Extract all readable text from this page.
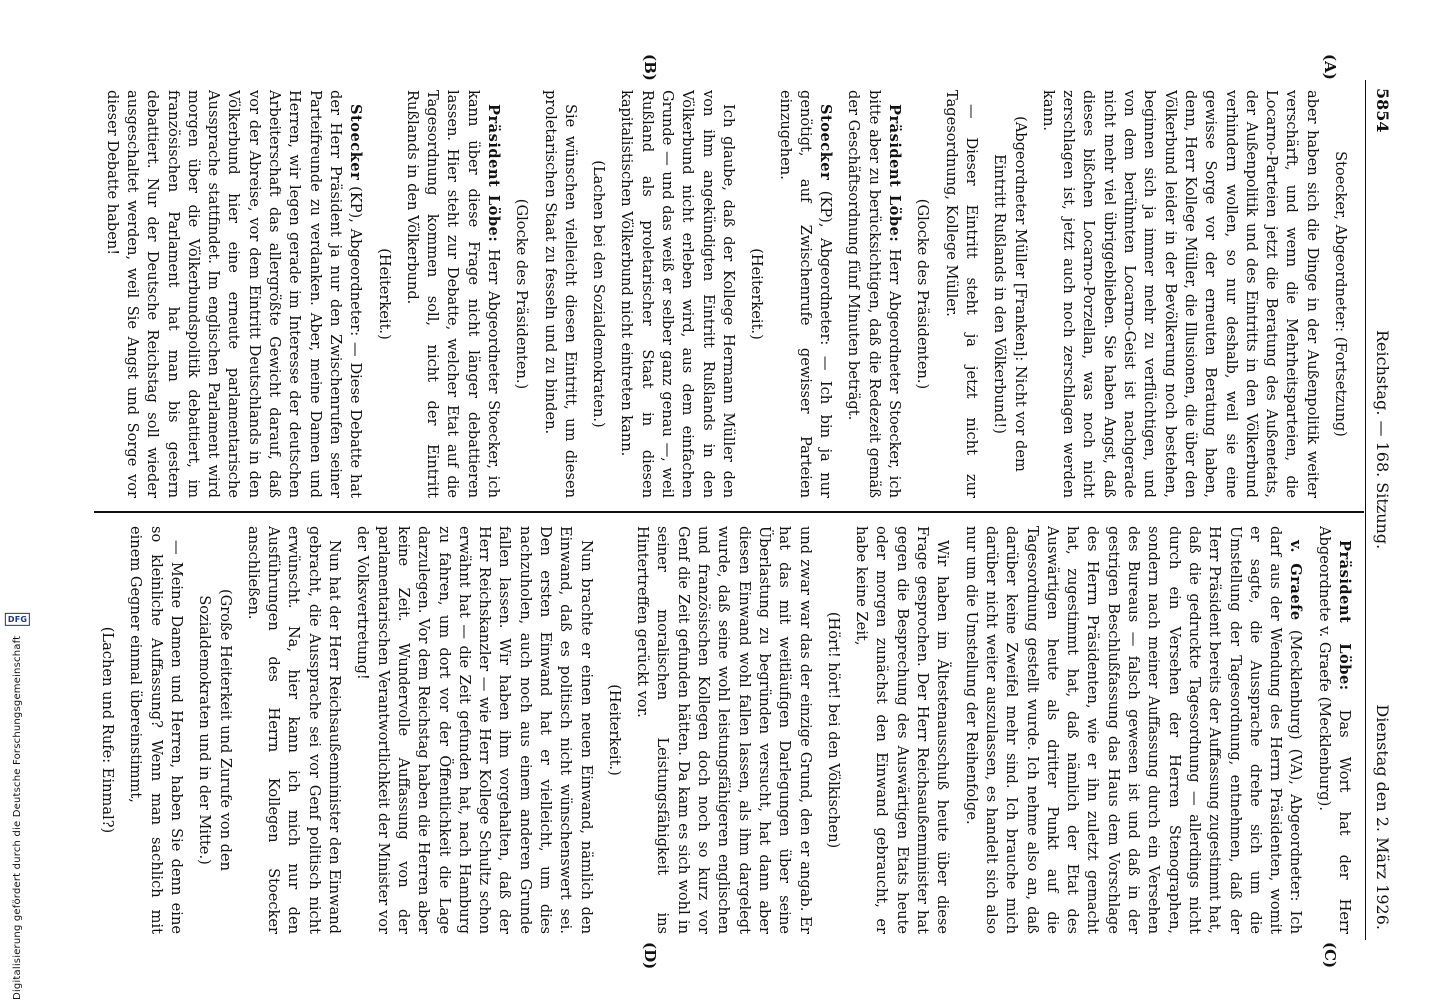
Digitalisierung gefördert durch die Deutsche Forschungsgemeinschaft
DFG
5854
Reichstag. — 168. Sitzung.
Dienstag den 2. März 1926.
(A)
(B)
(C)
(D)

Stoecker, Abgeordneter: (Fortsetzung)

aber haben sich die Dinge in der Außenpolitik weiter verschärft, und wenn die Mehrheitsparteien, die Locarno-Parteien jetzt die Beratung des Außenetats, der Außenpolitik und des Eintritts in den Völkerbund verhindern wollen, so nur deshalb, weil sie eine gewisse Sorge vor der erneuten Beratung haben, denn, Herr Kollege Müller, die Illusionen, die über den Völkerbund leider in der Bevölkerung noch bestehen, beginnen sich ja immer mehr zu verflüchtigen, und von dem berühmten Locarno-Geist ist nachgerade nicht mehr viel übriggeblieben. Sie haben Angst, daß dieses bißchen Locarno-Porzellan, was noch nicht zerschlagen ist, jetzt auch noch zerschlagen werden kann.

(Abgeordneter Müller [Franken]: Nicht vor dem Eintritt Rußlands in den Völkerbund!)

— Dieser Eintritt steht ja jetzt nicht zur Tagesordnung, Kollege Müller.

(Glocke des Präsidenten.)

Präsident Löbe: Herr Abgeordneter Stoecker, ich bitte aber zu berücksichtigen, daß die Redezeit gemäß der Geschäftsordnung fünf Minuten beträgt.

Stoecker (KP), Abgeordneter: — Ich bin ja nur genötigt, auf Zwischenrufe gewisser Parteien einzugehen.

(Heiterkeit.)

Ich glaube, daß der Kollege Hermann Müller den von ihm angekündigten Eintritt Rußlands in den Völkerbund nicht erleben wird, aus dem einfachen Grunde — und das weiß er selber ganz genau —, weil Rußland als proletarischer Staat in diesen kapitalistischen Völkerbund nicht eintreten kann.

(Lachen bei den Sozialdemokraten.)

Sie wünschen vielleicht diesen Eintritt, um diesen proletarischen Staat zu fesseln und zu binden.

(Glocke des Präsidenten.)

Präsident Löbe: Herr Abgeordneter Stoecker, ich kann über diese Frage nicht länger debattieren lassen. Hier steht zur Debatte, welcher Etat auf die Tagesordnung kommen soll, nicht der Eintritt Rußlands in den Völkerbund.

(Heiterkeit.)

Stoecker (KP), Abgeordneter: — Diese Debatte hat der Herr Präsident ja nur den Zwischenrufen seiner Parteifreunde zu verdanken. Aber, meine Damen und Herren, wir legen gerade im Interesse der deutschen Arbeiterschaft das allergrößte Gewicht darauf, daß vor der Abreise, vor dem Eintritt Deutschlands in den Völkerbund hier eine erneute parlamentarische Aussprache stattfindet. Im englischen Parlament wird morgen über die Völkerbundspolitik debattiert, im französischen Parlament hat man bis gestern debattiert. Nur der Deutsche Reichstag soll wieder ausgeschaltet werden, weil Sie Angst und Sorge vor dieser Debatte haben!

Präsident Löbe: Das Wort hat der Herr Abgeordnete v. Graefe (Mecklenburg).

v. Graefe (Mecklenburg) (VA), Abgeordneter: Ich darf aus der Wendung des Herrn Präsidenten, womit er sagte, die Aussprache drehe sich um die Umstellung der Tagesordnung, entnehmen, daß der Herr Präsident bereits der Auffassung zugestimmt hat, daß die gedruckte Tagesordnung — allerdings nicht durch ein Versehen der Herren Stenographen, sondern nach meiner Auffassung durch ein Versehen des Bureaus — falsch gewesen ist und daß in der gestrigen Beschlußfassung das Haus dem Vorschlage des Herrn Präsidenten, wie er ihn zuletzt gemacht hat, zugestimmt hat, daß nämlich der Etat des Auswärtigen heute als dritter Punkt auf die Tagesordnung gestellt wurde. Ich nehme also an, daß darüber keine Zweifel mehr sind. Ich brauche mich darüber nicht weiter auszulassen, es handelt sich also nur um die Umstellung der Reihenfolge.

Wir haben im Ältestenausschuß heute über diese Frage gesprochen. Der Herr Reichsaußenminister hat gegen die Besprechung des Auswärtigen Etats heute oder morgen zunächst den Einwand gebraucht, er habe keine Zeit,

(Hört! hört! bei den Völkischen)

und zwar war das der einzige Grund, den er angab. Er hat das mit weitläufigen Darlegungen über seine Überlastung zu begründen versucht, hat dann aber diesen Einwand wohl fallen lassen, als ihm dargelegt wurde, daß seine wohl leistungsfähigeren englischen und französischen Kollegen doch noch so kurz vor Genf die Zeit gefunden hätten. Da kam es sich wohl in seiner moralischen Leistungsfähigkeit ins Hintertreffen gerückt vor.

(Heiterkeit.)

Nun brachte er einen neuen Einwand, nämlich den Einwand, daß es politisch nicht wünschenswert sei. Den ersten Einwand hat er vielleicht, um dies nachzuholen, auch noch aus einem anderen Grunde fallen lassen. Wir haben ihm vorgehalten, daß der Herr Reichskanzler — wie Herr Kollege Schultz schon erwähnt hat — die Zeit gefunden hat, nach Hamburg zu fahren, um dort vor der Öffentlichkeit die Lage darzulegen. Vor dem Reichstag haben die Herren aber keine Zeit. Wundervolle Auffassung von der parlamentarischen Verantwortlichkeit der Minister vor der Volksvertretung!

Nun hat der Herr Reichsaußenminister den Einwand gebracht, die Aussprache sei vor Genf politisch nicht erwünscht. Na, hier kann ich mich nur den Ausführungen des Herrn Kollegen Stoecker anschließen.

(Große Heiterkeit und Zurufe von den Sozialdemokraten und in der Mitte.)

— Meine Damen und Herren, haben Sie denn eine so kleinliche Auffassung? Wenn man sachlich mit einem Gegner einmal übereinstimmt,

(Lachen und Rufe: Einmal?)
